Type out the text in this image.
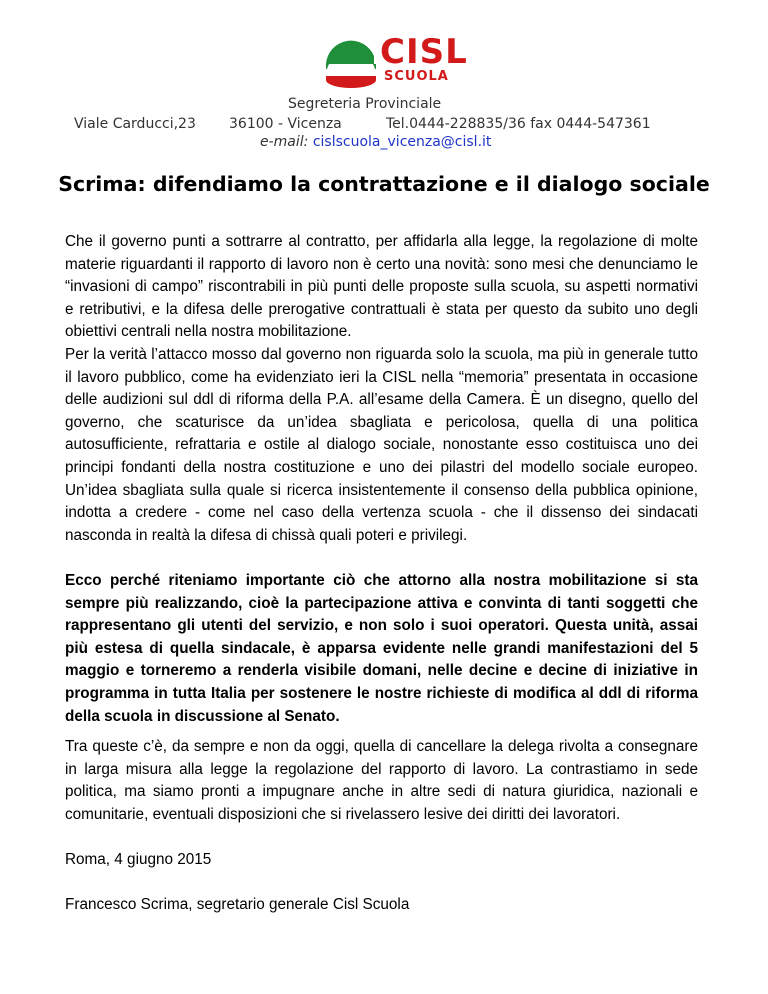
CISL
SCUOLA
Segreteria Provinciale
Viale Carducci,23 36100 - Vicenza	Tel.0444-228835/36 fax 0444-547361
e-mail: cislscuola_vicenza@cisl.it
Scrima: difendiamo la contrattazione e il dialogo sociale
Che il governo punti a sottrarre al contratto, per affidarla alla legge, la regolazione di molte materie riguardanti il rapporto di lavoro non è certo una novità: sono mesi che denunciamo le “invasioni di campo” riscontrabili in più punti delle proposte sulla scuola, su aspetti normativi e retributivi, e la difesa delle prerogative contrattuali è stata per questo da subito uno degli obiettivi centrali nella nostra mobilitazione.
Per la verità l’attacco mosso dal governo non riguarda solo la scuola, ma più in generale tutto il lavoro pubblico, come ha evidenziato ieri la CISL nella “memoria” presentata in occasione delle audizioni sul ddl di riforma della P.A. all’esame della Camera. È un disegno, quello del governo, che scaturisce da un’idea sbagliata e pericolosa, quella di una politica autosufficiente, refrattaria e ostile al dialogo sociale, nonostante esso costituisca uno dei principi fondanti della nostra costituzione e uno dei pilastri del modello sociale europeo. Un’idea sbagliata sulla quale si ricerca insistentemente il consenso della pubblica opinione, indotta a credere - come nel caso della vertenza scuola - che il dissenso dei sindacati nasconda in realtà la difesa di chissà quali poteri e privilegi.
Ecco perché riteniamo importante ciò che attorno alla nostra mobilitazione si sta sempre più realizzando, cioè la partecipazione attiva e convinta di tanti soggetti che rappresentano gli utenti del servizio, e non solo i suoi operatori. Questa unità, assai più estesa di quella sindacale, è apparsa evidente nelle grandi manifestazioni del 5 maggio e torneremo a renderla visibile domani, nelle decine e decine di iniziative in programma in tutta Italia per sostenere le nostre richieste di modifica al ddl di riforma della scuola in discussione al Senato.
Tra queste c’è, da sempre e non da oggi, quella di cancellare la delega rivolta a consegnare in larga misura alla legge la regolazione del rapporto di lavoro. La contrastiamo in sede politica, ma siamo pronti a impugnare anche in altre sedi di natura giuridica, nazionali e comunitarie, eventuali disposizioni che si rivelassero lesive dei diritti dei lavoratori.
Roma, 4 giugno 2015
Francesco Scrima, segretario generale Cisl Scuola
